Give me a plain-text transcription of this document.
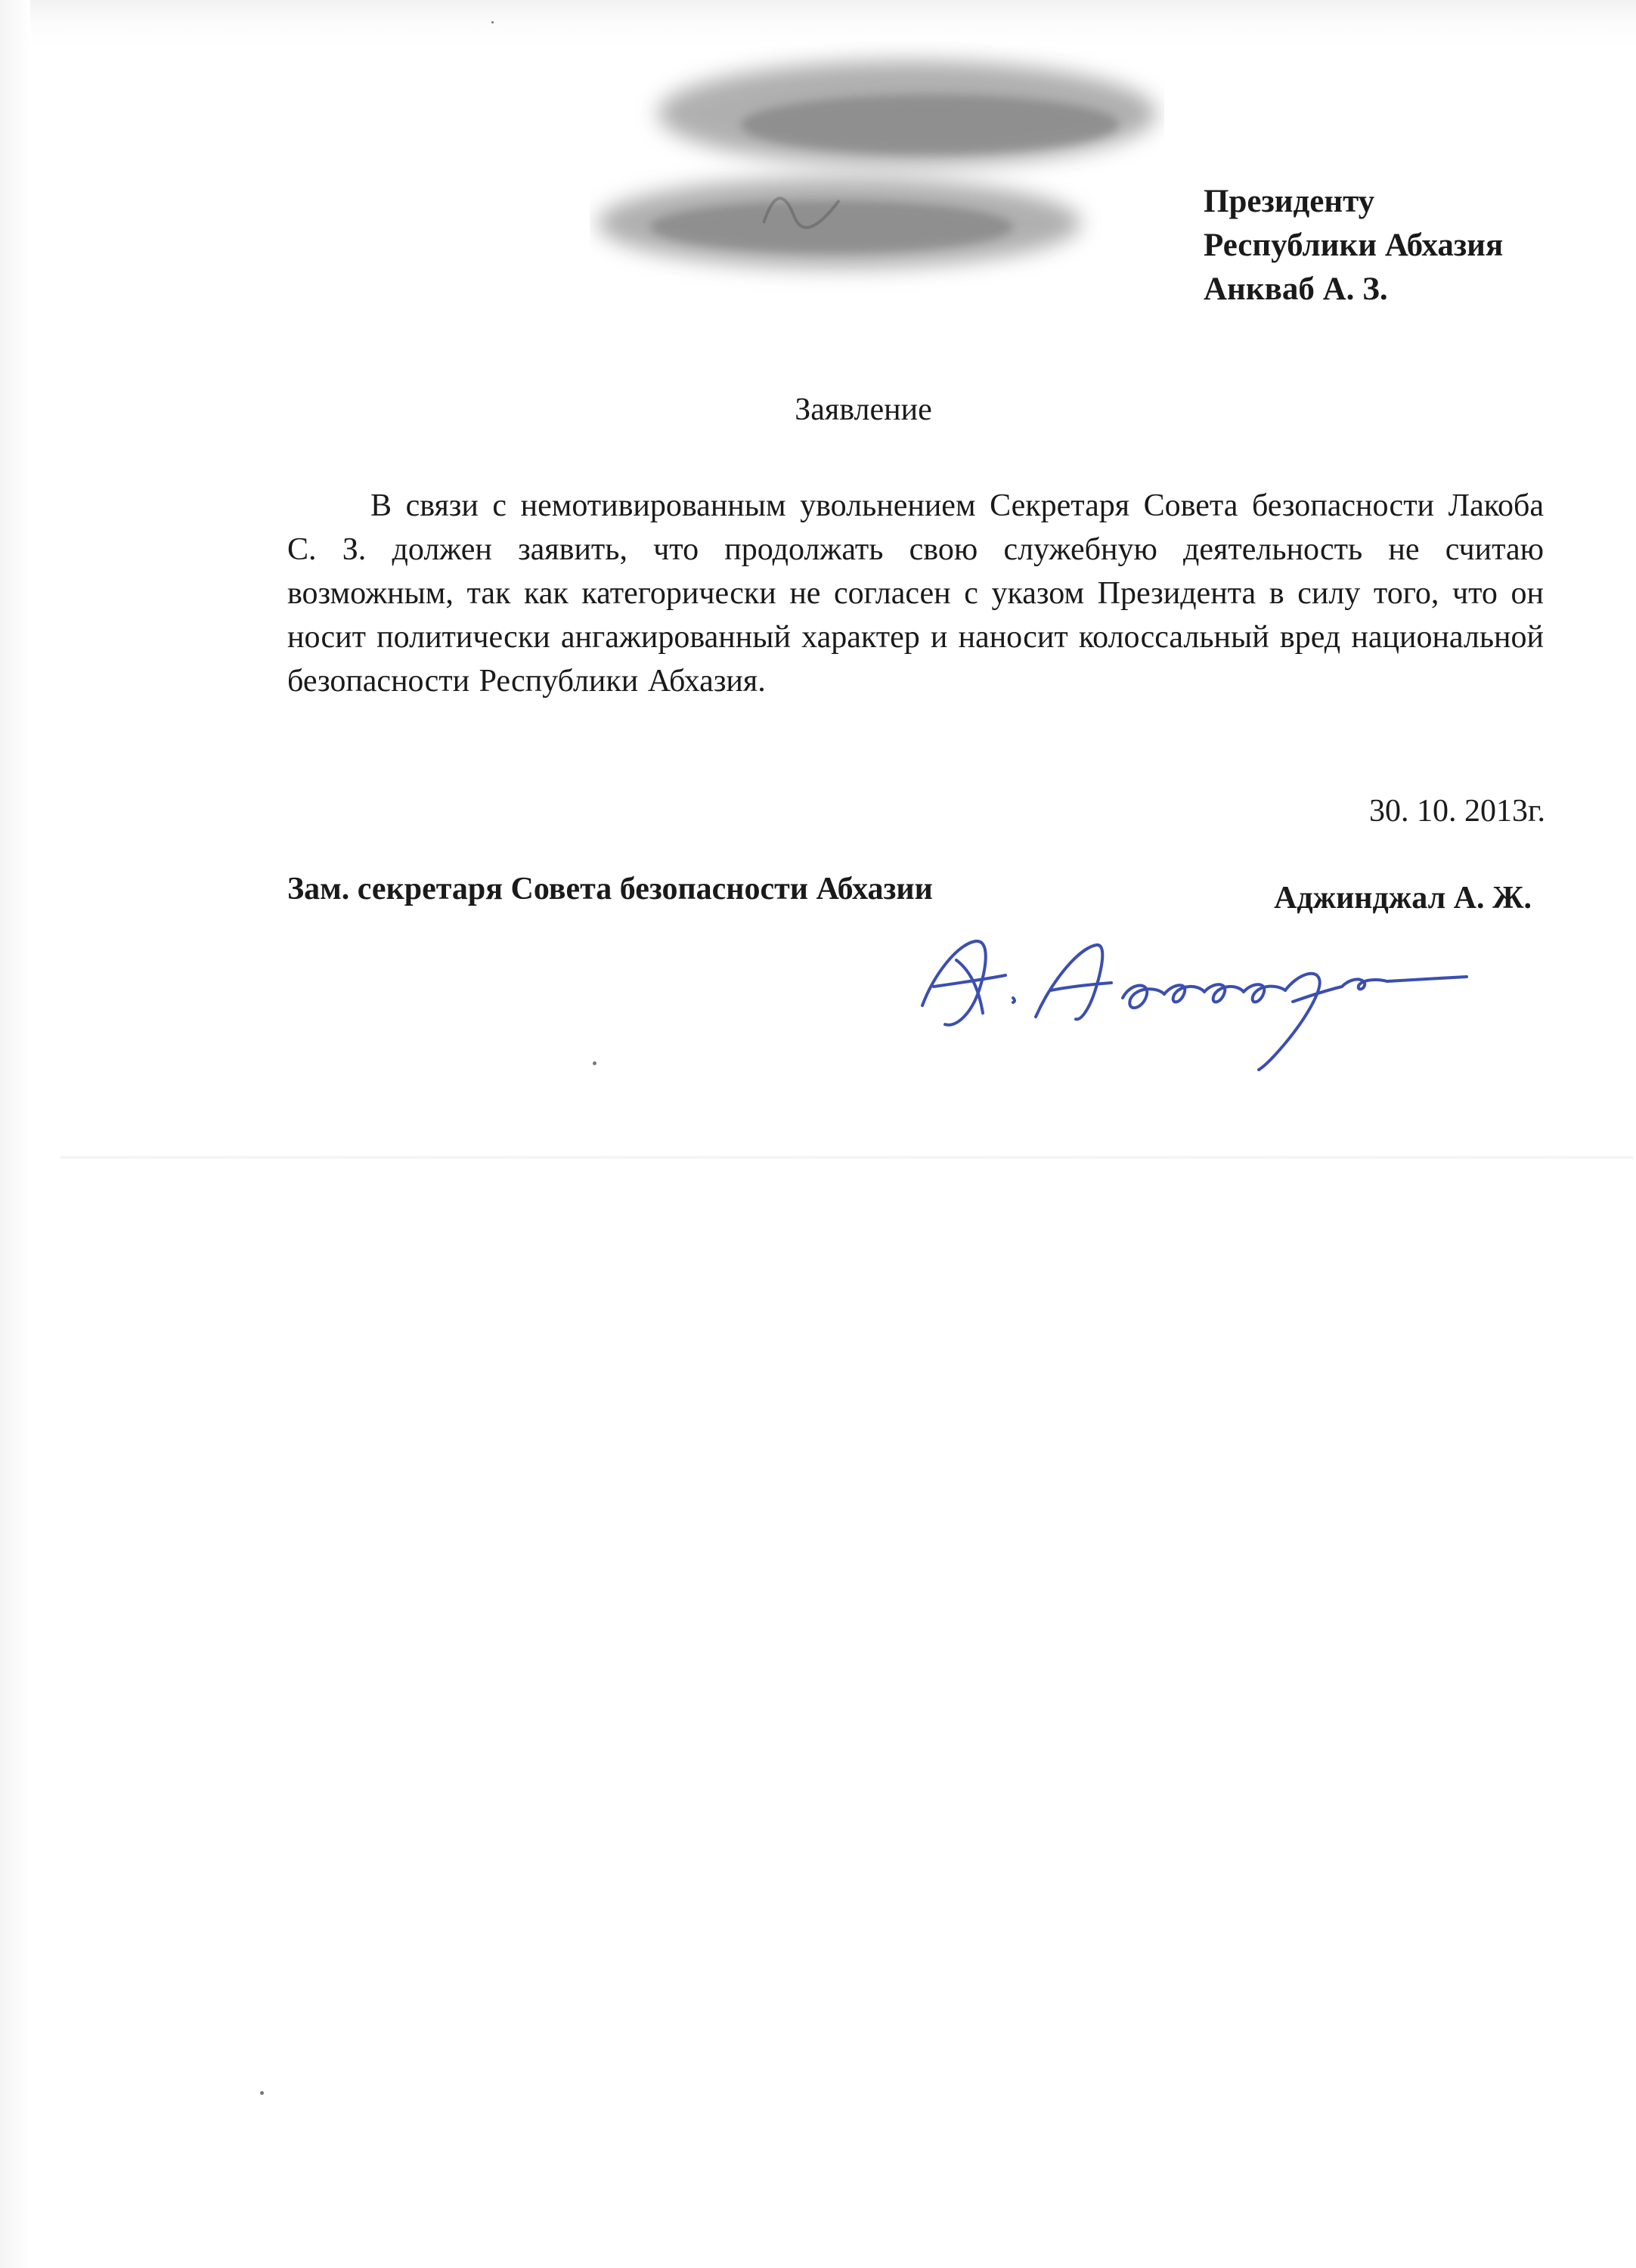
Президенту
Республики Абхазия
Анкваб А. З.
Заявление

В связи с немотивированным увольнением Секретаря Совета безопасности Лакоба С. З. должен заявить, что продолжать свою служебную деятельность не считаю возможным, так как категорически не согласен с указом Президента в силу того, что он носит политически ангажированный характер и наносит колоссальный вред национальной безопасности Республики Абхазия.

30. 10. 2013г.
Зам. секретаря Совета безопасности Абхазии	Аджинджал А. Ж.
